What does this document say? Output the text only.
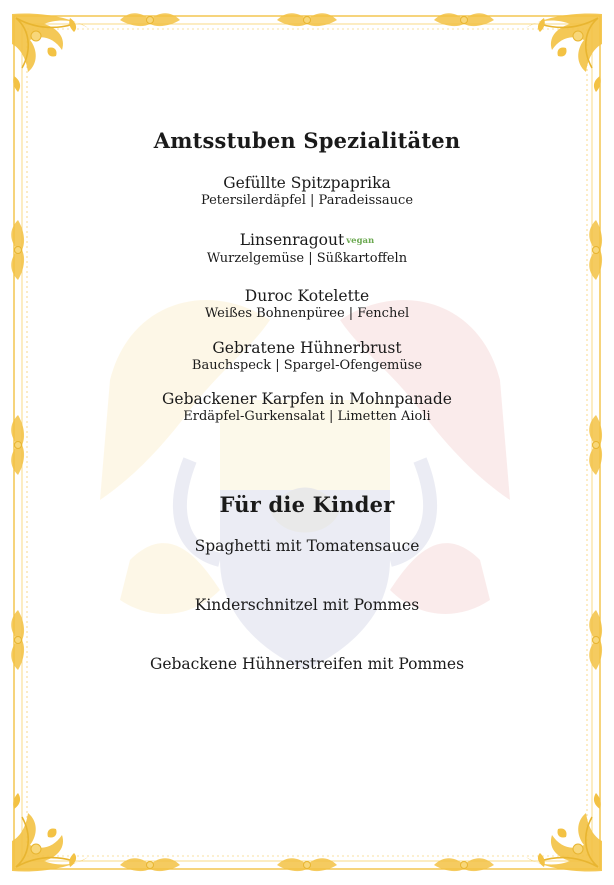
Amtsstuben Spezialitäten
Gefüllte Spitzpaprika
Petersilerdäpfel | Paradeissauce
Linsenragout vegan
Wurzelgemüse | Süßkartoffeln
Duroc Kotelette
Weißes Bohnenpüree | Fenchel
Gebratene Hühnerbrust
Bauchspeck | Spargel-Ofengemüse
Gebackener Karpfen in Mohnpanade
Erdäpfel-Gurkensalat | Limetten Aioli
Für die Kinder
Spaghetti mit Tomatensauce
Kinderschnitzel mit Pommes
Gebackene Hühnerstreifen mit Pommes
